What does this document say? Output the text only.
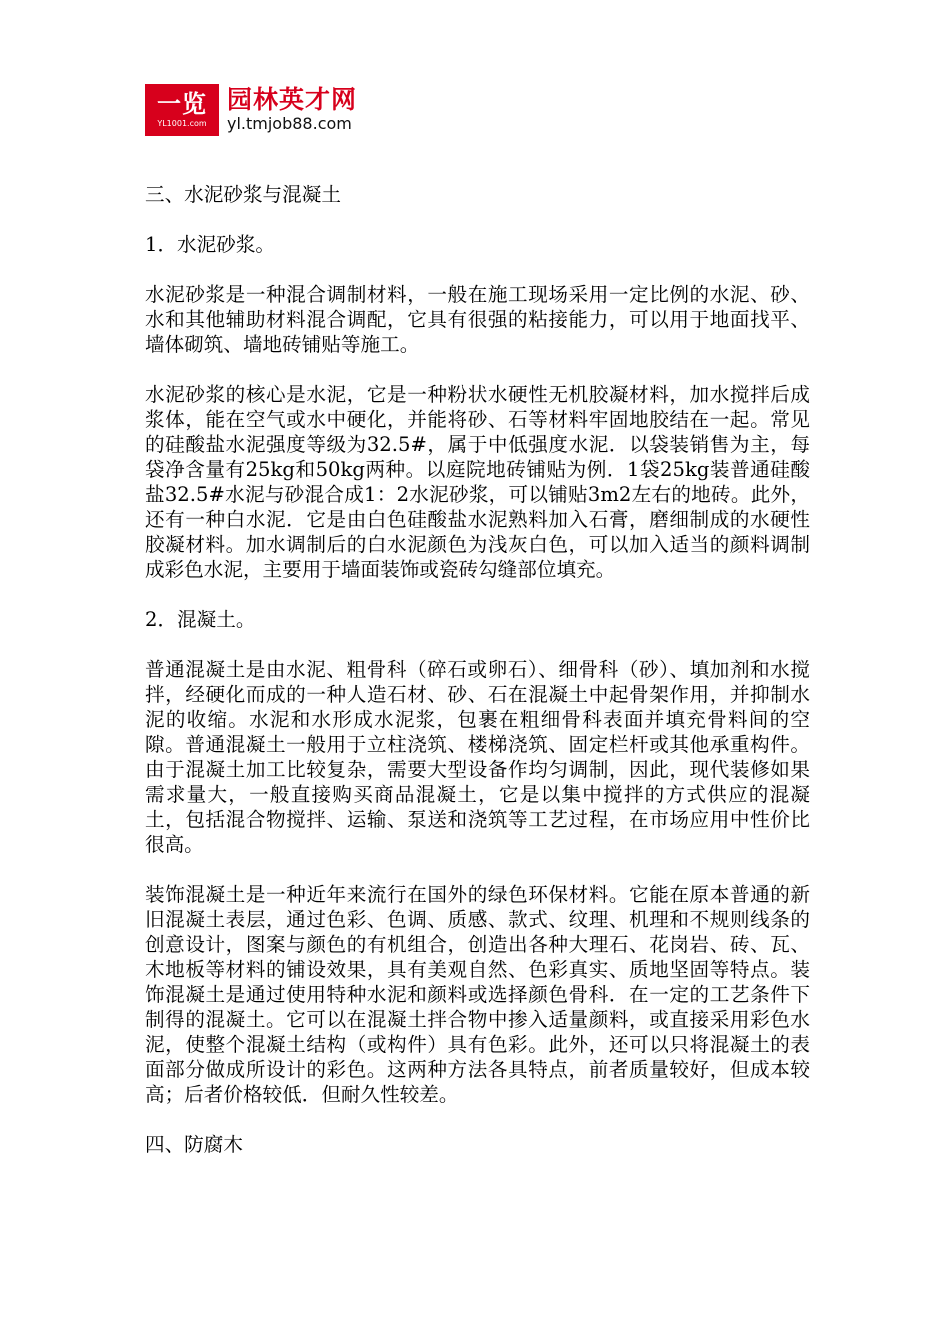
一览
YL1001.com
园林英才网
yl.tmjob88.com

三、水泥砂浆与混凝土

1．水泥砂浆。

水泥砂浆是一种混合调制材料，一般在施工现场采用一定比例的水泥、砂、水和其他辅助材料混合调配，它具有很强的粘接能力，可以用于地面找平、墙体砌筑、墙地砖铺贴等施工。

水泥砂浆的核心是水泥，它是一种粉状水硬性无机胶凝材料，加水搅拌后成浆体，能在空气或水中硬化，并能将砂、石等材料牢固地胶结在一起。常见的硅酸盐水泥强度等级为32.5#，属于中低强度水泥．以袋装销售为主，每袋净含量有25kg和50kg两种。以庭院地砖铺贴为例．1袋25kg装普通硅酸盐32.5#水泥与砂混合成1：2水泥砂浆，可以铺贴3m2左右的地砖。此外，还有一种白水泥．它是由白色硅酸盐水泥熟料加入石膏，磨细制成的水硬性胶凝材料。加水调制后的白水泥颜色为浅灰白色，可以加入适当的颜料调制成彩色水泥，主要用于墙面装饰或瓷砖勾缝部位填充。

2．混凝土。

普通混凝土是由水泥、粗骨科（碎石或卵石）、细骨科（砂）、填加剂和水搅拌，经硬化而成的一种人造石材、砂、石在混凝土中起骨架作用，并抑制水泥的收缩。水泥和水形成水泥浆，包裹在粗细骨科表面并填充骨料间的空隙。普通混凝土一般用于立柱浇筑、楼梯浇筑、固定栏杆或其他承重构件。由于混凝土加工比较复杂，需要大型设备作均匀调制，因此，现代装修如果需求量大，一般直接购买商品混凝土，它是以集中搅拌的方式供应的混凝土，包括混合物搅拌、运输、泵送和浇筑等工艺过程，在市场应用中性价比很高。

装饰混凝土是一种近年来流行在国外的绿色环保材料。它能在原本普通的新旧混凝土表层，通过色彩、色调、质感、款式、纹理、机理和不规则线条的创意设计，图案与颜色的有机组合，创造出各种大理石、花岗岩、砖、瓦、木地板等材料的铺设效果，具有美观自然、色彩真实、质地坚固等特点。装饰混凝土是通过使用特种水泥和颜料或选择颜色骨科．在一定的工艺条件下制得的混凝土。它可以在混凝土拌合物中掺入适量颜料，或直接采用彩色水泥，使整个混凝土结构（或构件）具有色彩。此外，还可以只将混凝土的表面部分做成所设计的彩色。这两种方法各具特点，前者质量较好，但成本较高；后者价格较低．但耐久性较差。

四、防腐木
